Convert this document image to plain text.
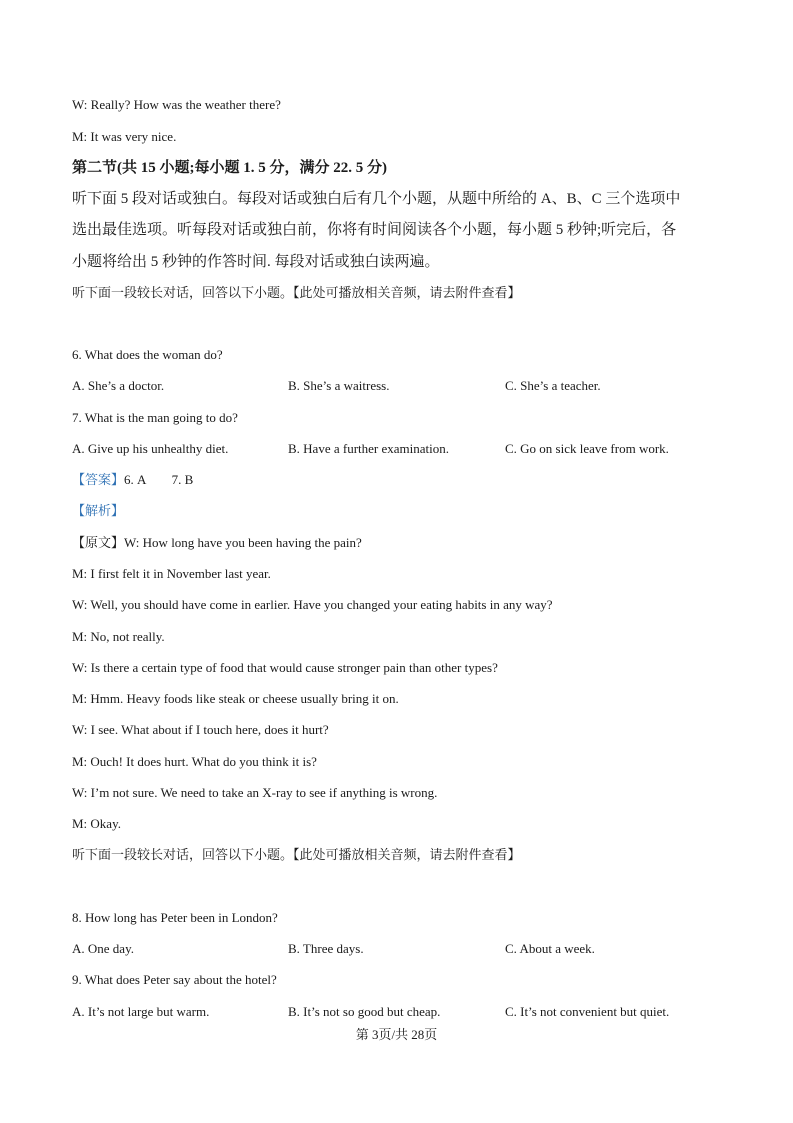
W: Really? How was the weather there?
M: It was very nice.
第二节(共 15 小题;每小题 1. 5 分，满分 22. 5 分)
听下面 5 段对话或独白。每段对话或独白后有几个小题，从题中所给的 A、B、C 三个选项中
选出最佳选项。听每段对话或独白前，你将有时间阅读各个小题，每小题 5 秒钟;听完后，各
小题将给出 5 秒钟的作答时间. 每段对话或独白读两遍。
听下面一段较长对话，回答以下小题。【此处可播放相关音频，请去附件查看】
6. What does the woman do?
A. She’s a doctor.	B. She’s a waitress.	C. She’s a teacher.
7. What is the man going to do?
A. Give up his unhealthy diet.	B. Have a further examination.	C. Go on sick leave from work.
【答案】6. A        7. B
【解析】
【原文】W: How long have you been having the pain?
M: I first felt it in November last year.
W: Well, you should have come in earlier. Have you changed your eating habits in any way?
M: No, not really.
W: Is there a certain type of food that would cause stronger pain than other types?
M: Hmm. Heavy foods like steak or cheese usually bring it on.
W: I see. What about if I touch here, does it hurt?
M: Ouch! It does hurt. What do you think it is?
W: I’m not sure. We need to take an X-ray to see if anything is wrong.
M: Okay.
听下面一段较长对话，回答以下小题。【此处可播放相关音频，请去附件查看】
8. How long has Peter been in London?
A. One day.	B. Three days.	C. About a week.
9. What does Peter say about the hotel?
A. It’s not large but warm.	B. It’s not so good but cheap.	C. It’s not convenient but quiet.
第 3页/共 28页
